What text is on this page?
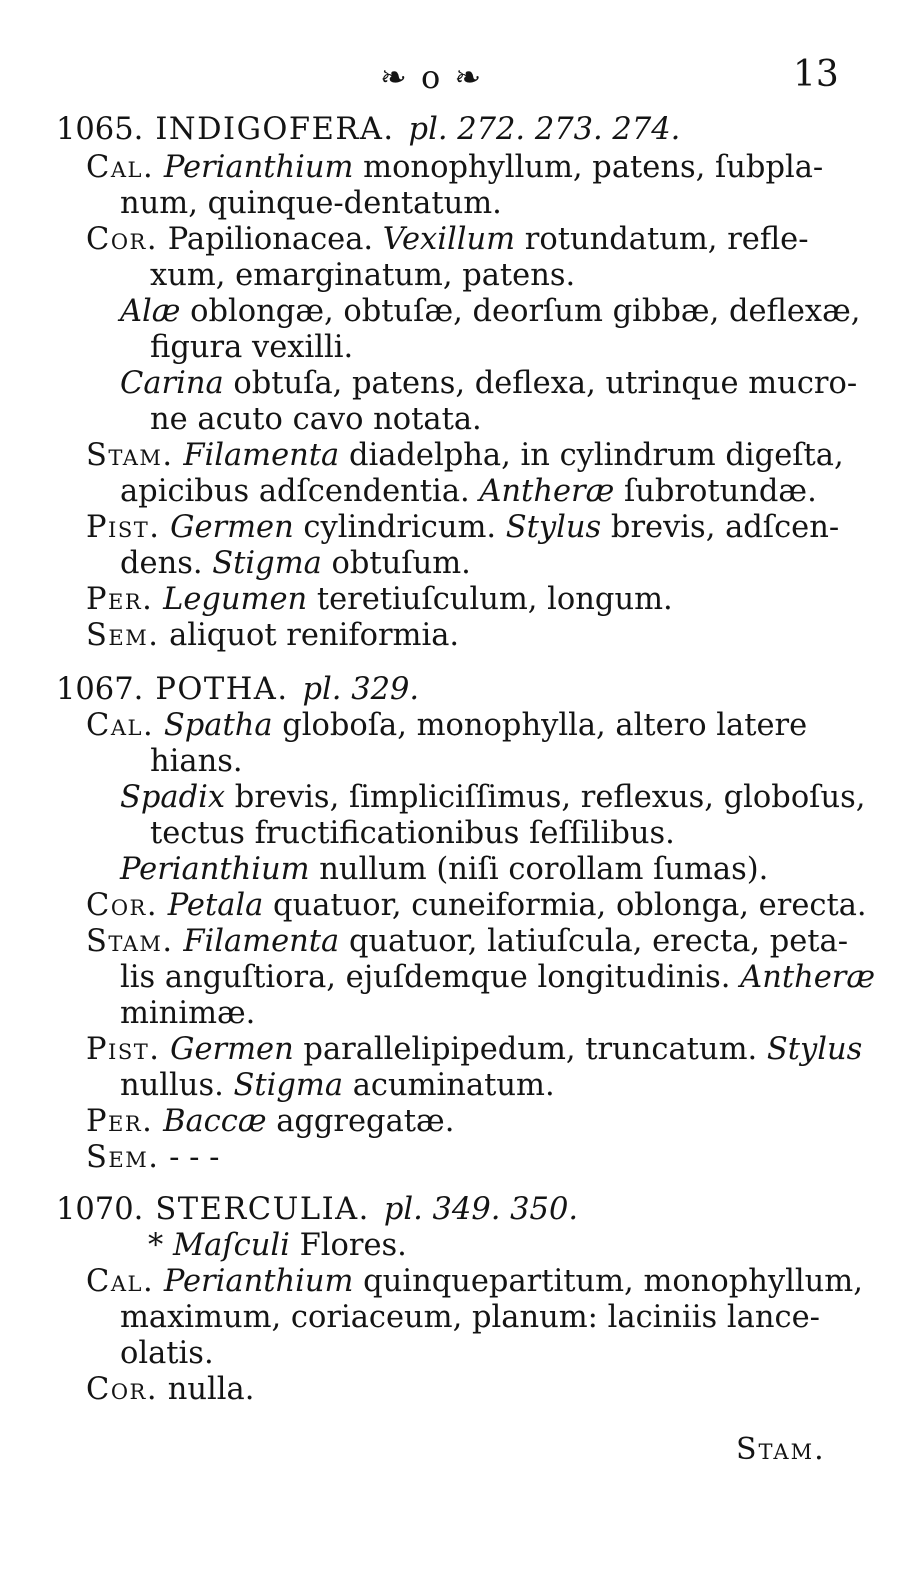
❧ o ❧	13
1065. INDIGOFERA. pl. 272. 273. 274.
Cal. Perianthium monophyllum, patens, ſubpla-
num, quinque-dentatum.
Cor. Papilionacea. Vexillum rotundatum, refle-
xum, emarginatum, patens.
Alæ oblongæ, obtuſæ, deorſum gibbæ, deflexæ,
figura vexilli.
Carina obtuſa, patens, deflexa, utrinque mucro-
ne acuto cavo notata.
Stam. Filamenta diadelpha, in cylindrum digeſta,
apicibus adſcendentia. Antheræ ſubrotundæ.
Pist. Germen cylindricum. Stylus brevis, adſcen-
dens. Stigma obtuſum.
Per. Legumen teretiuſculum, longum.
Sem. aliquot reniformia.
1067. POTHA. pl. 329.
Cal. Spatha globoſa, monophylla, altero latere
hians.
Spadix brevis, ſimpliciſſimus, reflexus, globoſus,
tectus fructificationibus ſeſſilibus.
Perianthium nullum (niſi corollam ſumas).
Cor. Petala quatuor, cuneiformia, oblonga, erecta.
Stam. Filamenta quatuor, latiuſcula, erecta, peta-
lis anguſtiora, ejuſdemque longitudinis. Antheræ
minimæ.
Pist. Germen parallelipipedum, truncatum. Stylus
nullus. Stigma acuminatum.
Per. Baccæ aggregatæ.
Sem. - - -
1070. STERCULIA. pl. 349. 350.
* Maſculi Flores.
Cal. Perianthium quinquepartitum, monophyllum,
maximum, coriaceum, planum: laciniis lance-
olatis.
Cor. nulla.
Stam.
